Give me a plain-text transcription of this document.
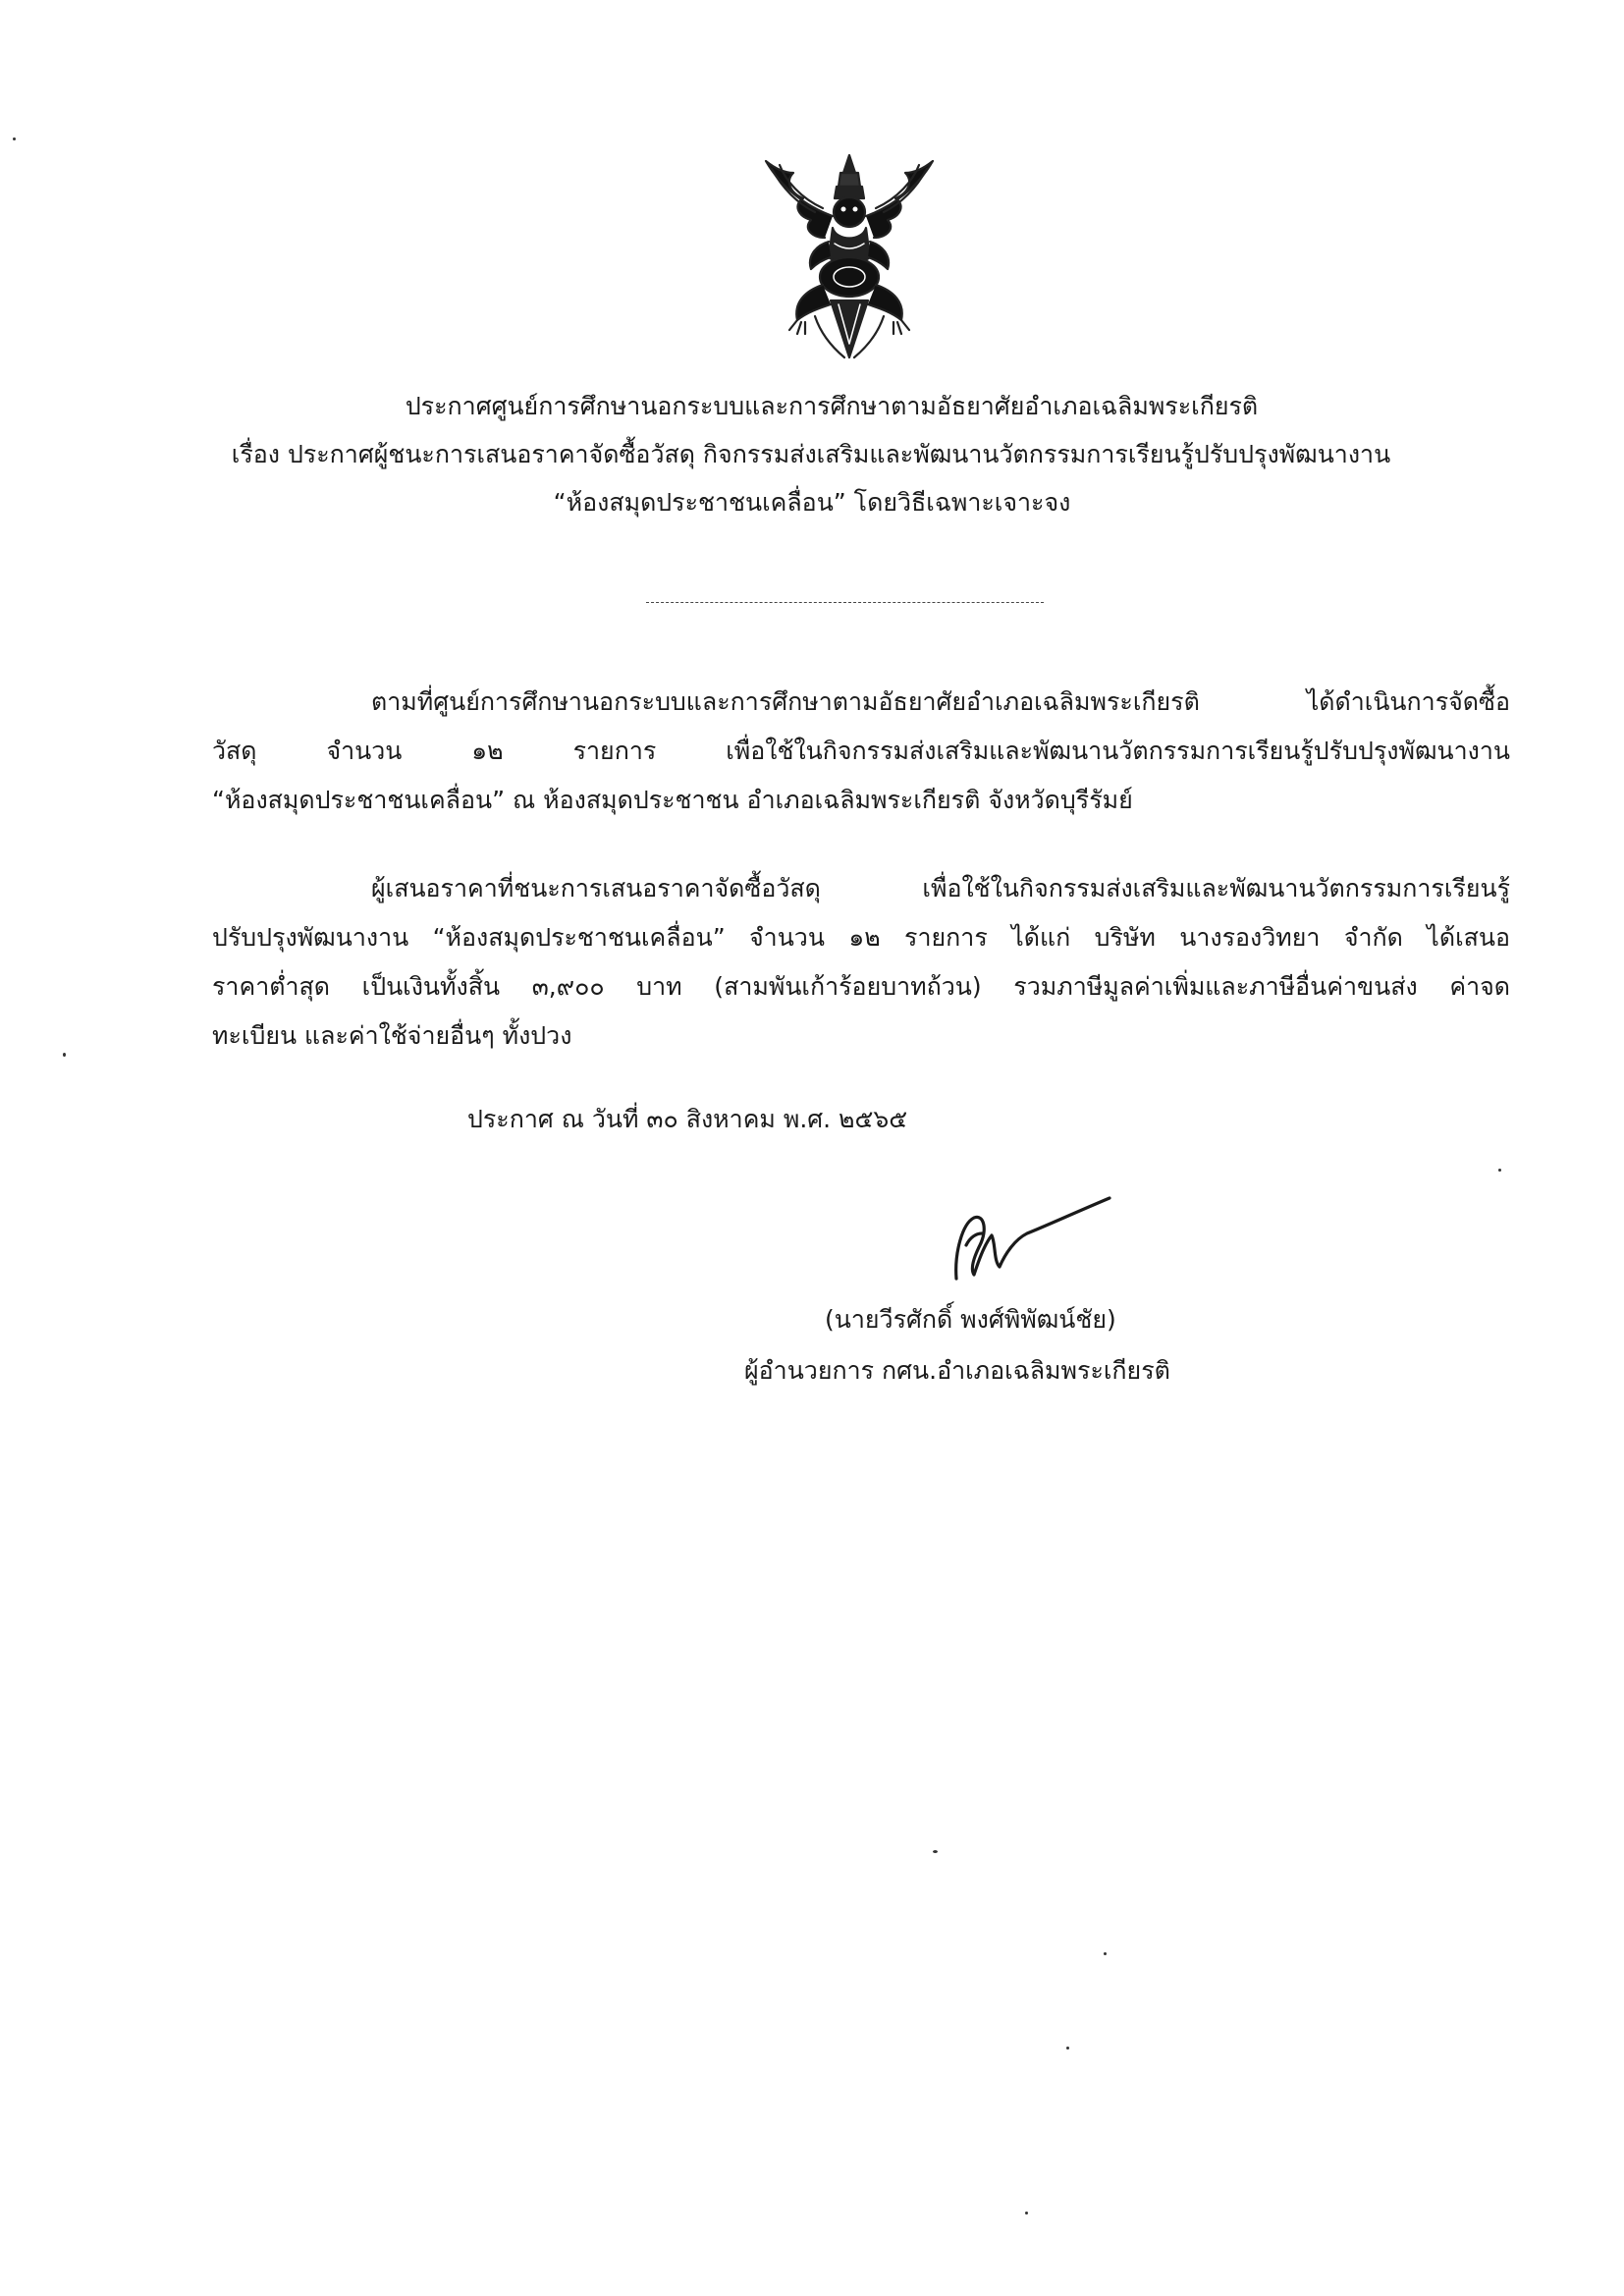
ประกาศศูนย์การศึกษานอกระบบและการศึกษาตามอัธยาศัยอำเภอเฉลิมพระเกียรติ
เรื่อง ประกาศผู้ชนะการเสนอราคาจัดซื้อวัสดุ กิจกรรมส่งเสริมและพัฒนานวัตกรรมการเรียนรู้ปรับปรุงพัฒนางาน
“ห้องสมุดประชาชนเคลื่อน” โดยวิธีเฉพาะเจาะจง
ตามที่ศูนย์การศึกษานอกระบบและการศึกษาตามอัธยาศัยอำเภอเฉลิมพระเกียรติ ได้ดำเนินการจัดซื้อ
วัสดุ จำนวน ๑๒ รายการ เพื่อใช้ในกิจกรรมส่งเสริมและพัฒนานวัตกรรมการเรียนรู้ปรับปรุงพัฒนางาน
“ห้องสมุดประชาชนเคลื่อน” ณ ห้องสมุดประชาชน อำเภอเฉลิมพระเกียรติ จังหวัดบุรีรัมย์
ผู้เสนอราคาที่ชนะการเสนอราคาจัดซื้อวัสดุ เพื่อใช้ในกิจกรรมส่งเสริมและพัฒนานวัตกรรมการเรียนรู้
ปรับปรุงพัฒนางาน “ห้องสมุดประชาชนเคลื่อน” จำนวน ๑๒ รายการ ได้แก่ บริษัท นางรองวิทยา จำกัด ได้เสนอ
ราคาต่ำสุด เป็นเงินทั้งสิ้น ๓,๙๐๐ บาท (สามพันเก้าร้อยบาทถ้วน) รวมภาษีมูลค่าเพิ่มและภาษีอื่นค่าขนส่ง ค่าจด
ทะเบียน และค่าใช้จ่ายอื่นๆ ทั้งปวง
ประกาศ ณ วันที่ ๓๐ สิงหาคม พ.ศ. ๒๕๖๕
(นายวีรศักดิ์ พงศ์พิพัฒน์ชัย)
ผู้อำนวยการ กศน.อำเภอเฉลิมพระเกียรติ
